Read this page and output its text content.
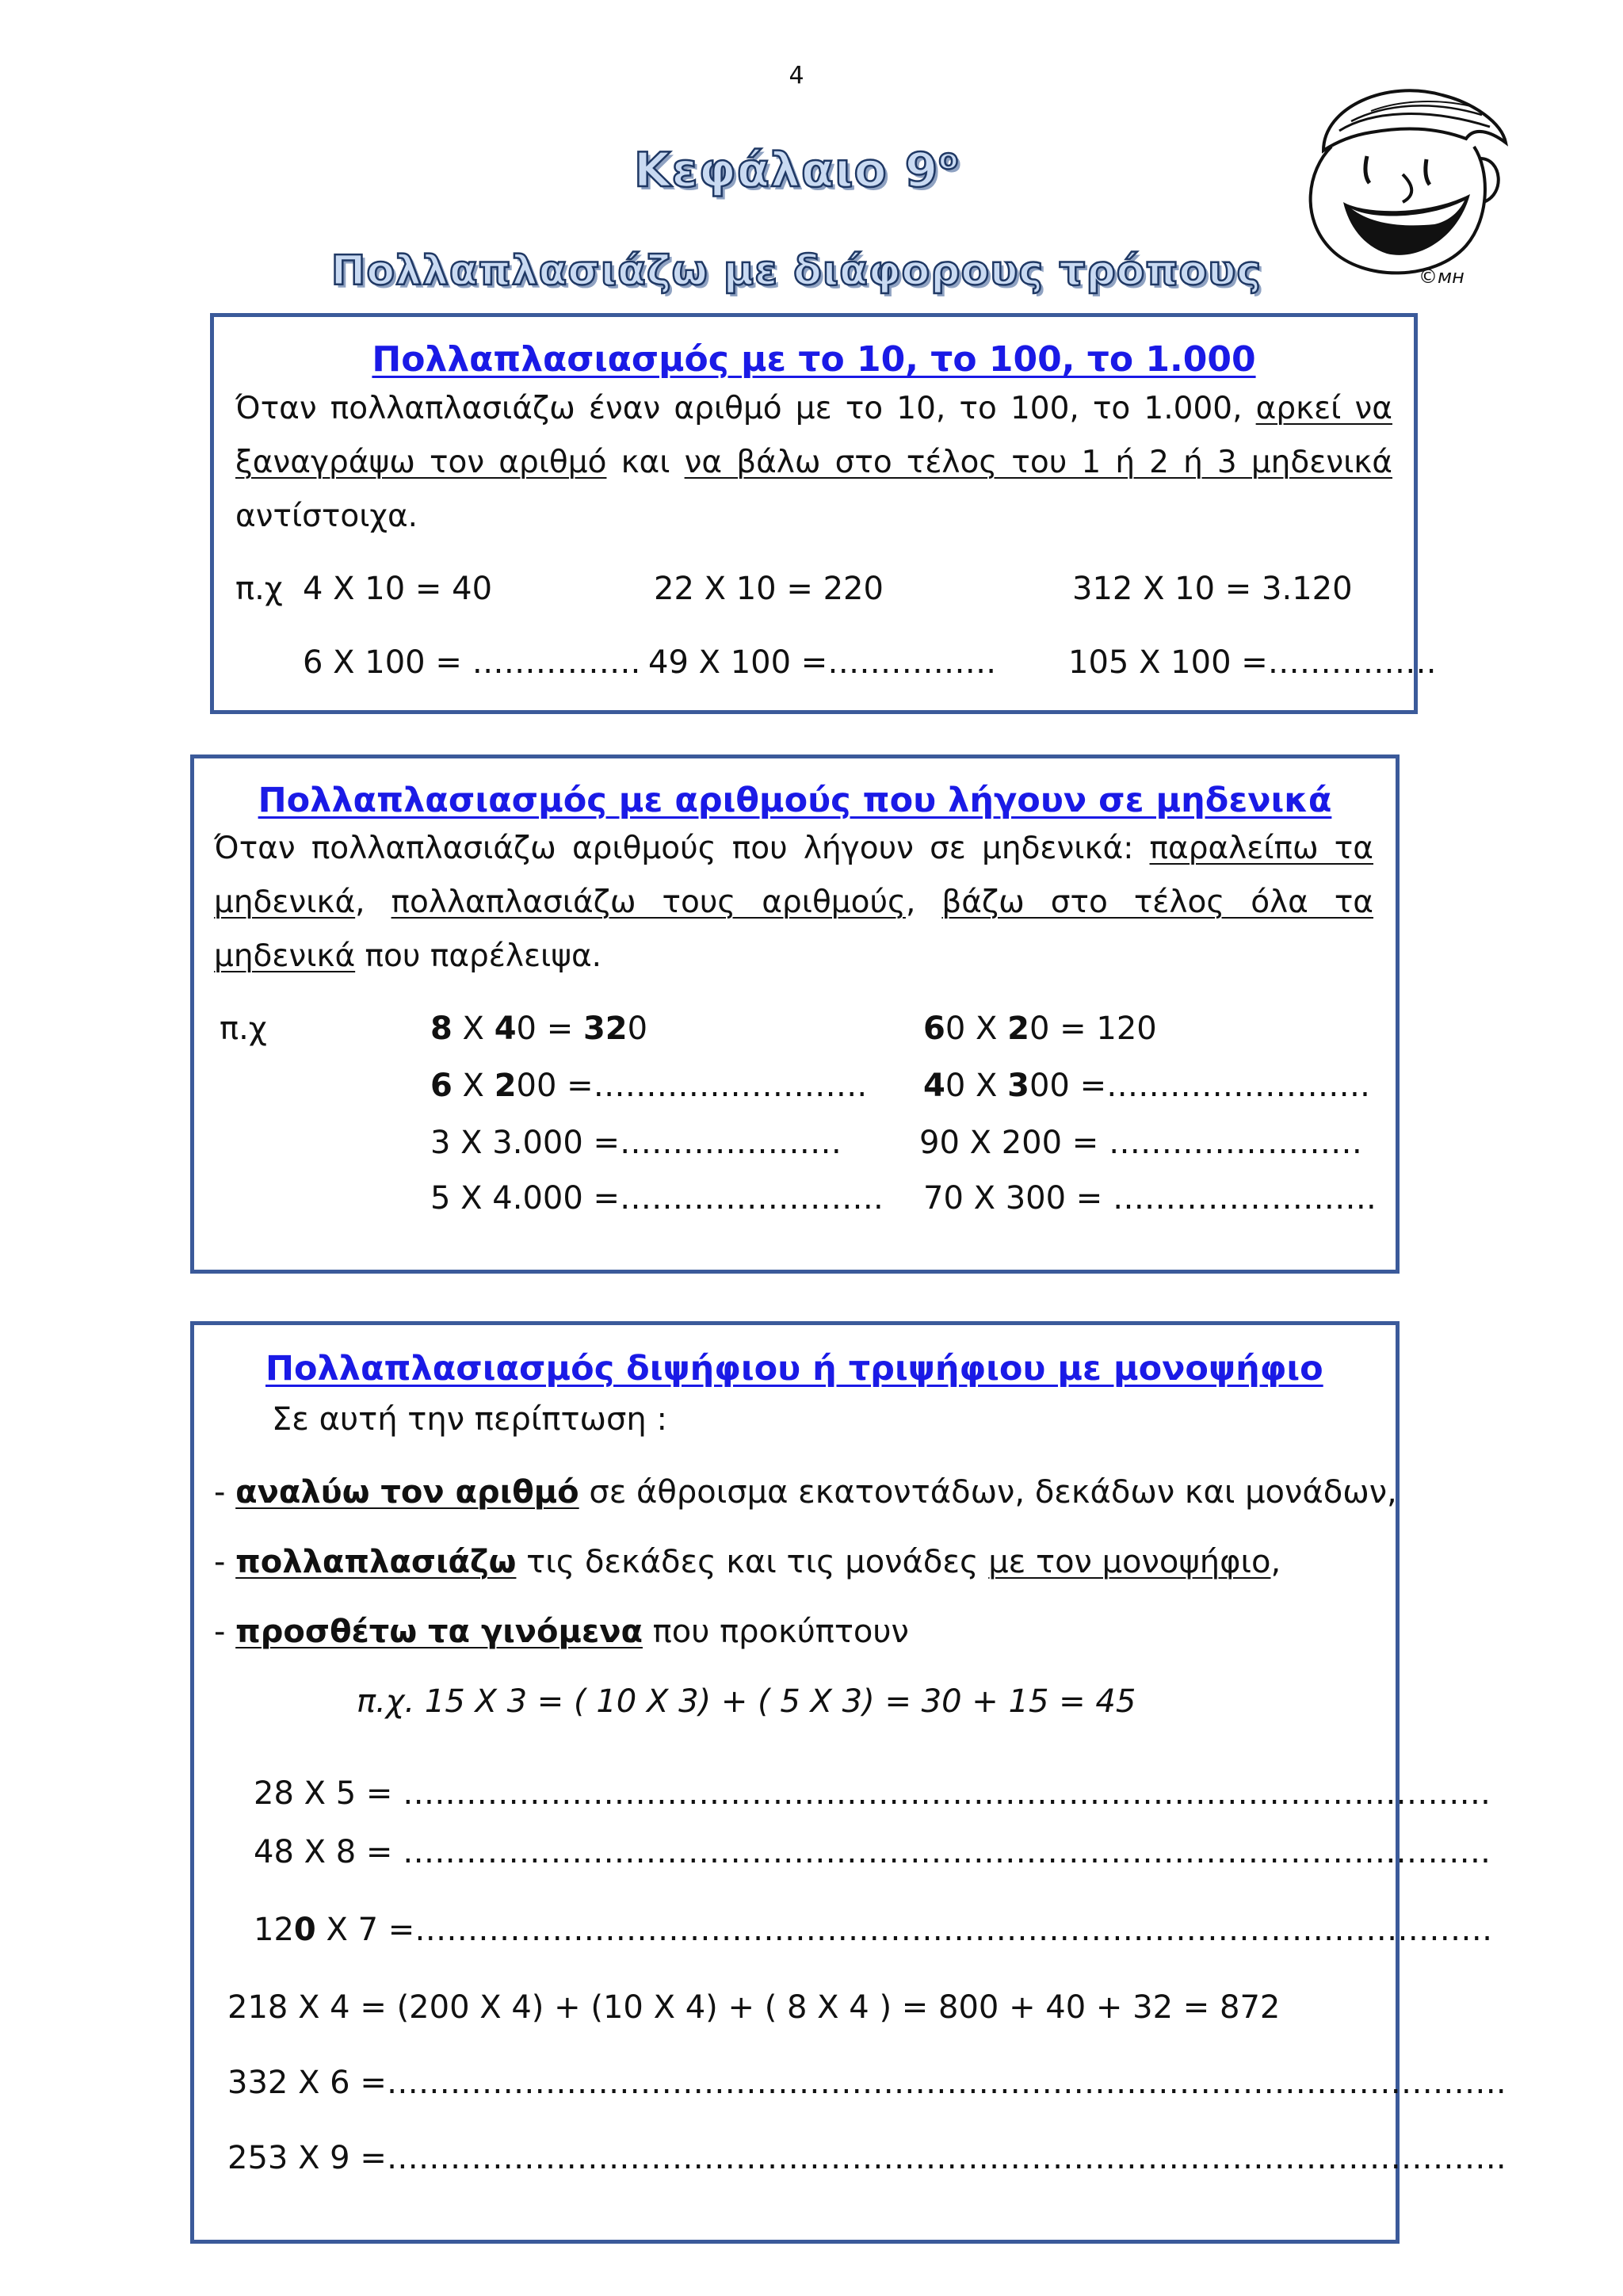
4
Κεφάλαιο $9^o$
Πολλαπλασιάζω με διάφορους τρόπους	©мн
Πολλαπλασιασμός με το 10, το 100, το 1.000
Όταν πολλαπλασιάζω έναν αριθμό με το 10, το 100, το 1.000, αρκεί να ξαναγράψω τον αριθμό και να βάλω στο τέλος του 1 ή 2 ή 3 μηδενικά αντίστοιχα.
π.χ 4 X 10 = 40	22 X 10 = 220	312 X 10 = 3.120
6 X 100 = ……………. 49 X 100 =……………. 105 X 100 =…………….
Πολλαπλασιασμός με αριθμούς που λήγουν σε μηδενικά
Όταν πολλαπλασιάζω αριθμούς που λήγουν σε μηδενικά: παραλείπω τα μηδενικά, πολλαπλασιάζω τους αριθμούς, βάζω στο τέλος όλα τα μηδενικά που παρέλειψα.
π.χ	8 X 40 = 320	60 X 20 = 120
6 X 200 =………….…………. 40 X 300 =…………………….
3 X 3.000 =………………… 90 X 200 = ……………………
5 X 4.000 =……………………. 70 X 300 = …………………….
Πολλαπλασιασμός διψήφιου ή τριψήφιου με μονοψήφιο
Σε αυτή την περίπτωση :
- αναλύω τον αριθμό σε άθροισμα εκατοντάδων, δεκάδων και μονάδων,
- πολλαπλασιάζω τις δεκάδες και τις μονάδες με τον μονοψήφιο,
- προσθέτω τα γινόμενα που προκύπτουν
π.χ. 15 X 3 = ( 10 X 3) + ( 5 X 3) = 30 + 15 = 45
28 X 5 = ………………………………………………………………………………………….
48 X 8 = ………………………………………………………………………………………….
120 X 7 =…………………………………………………………………………………………
218 X 4 = (200 X 4) + (10 X 4) + ( 8 X 4 ) = 800 + 40 + 32 = 872
332 X 6 =…………………………………………………………………………………………….
253 X 9 =…………………………………………………………………………………………….
